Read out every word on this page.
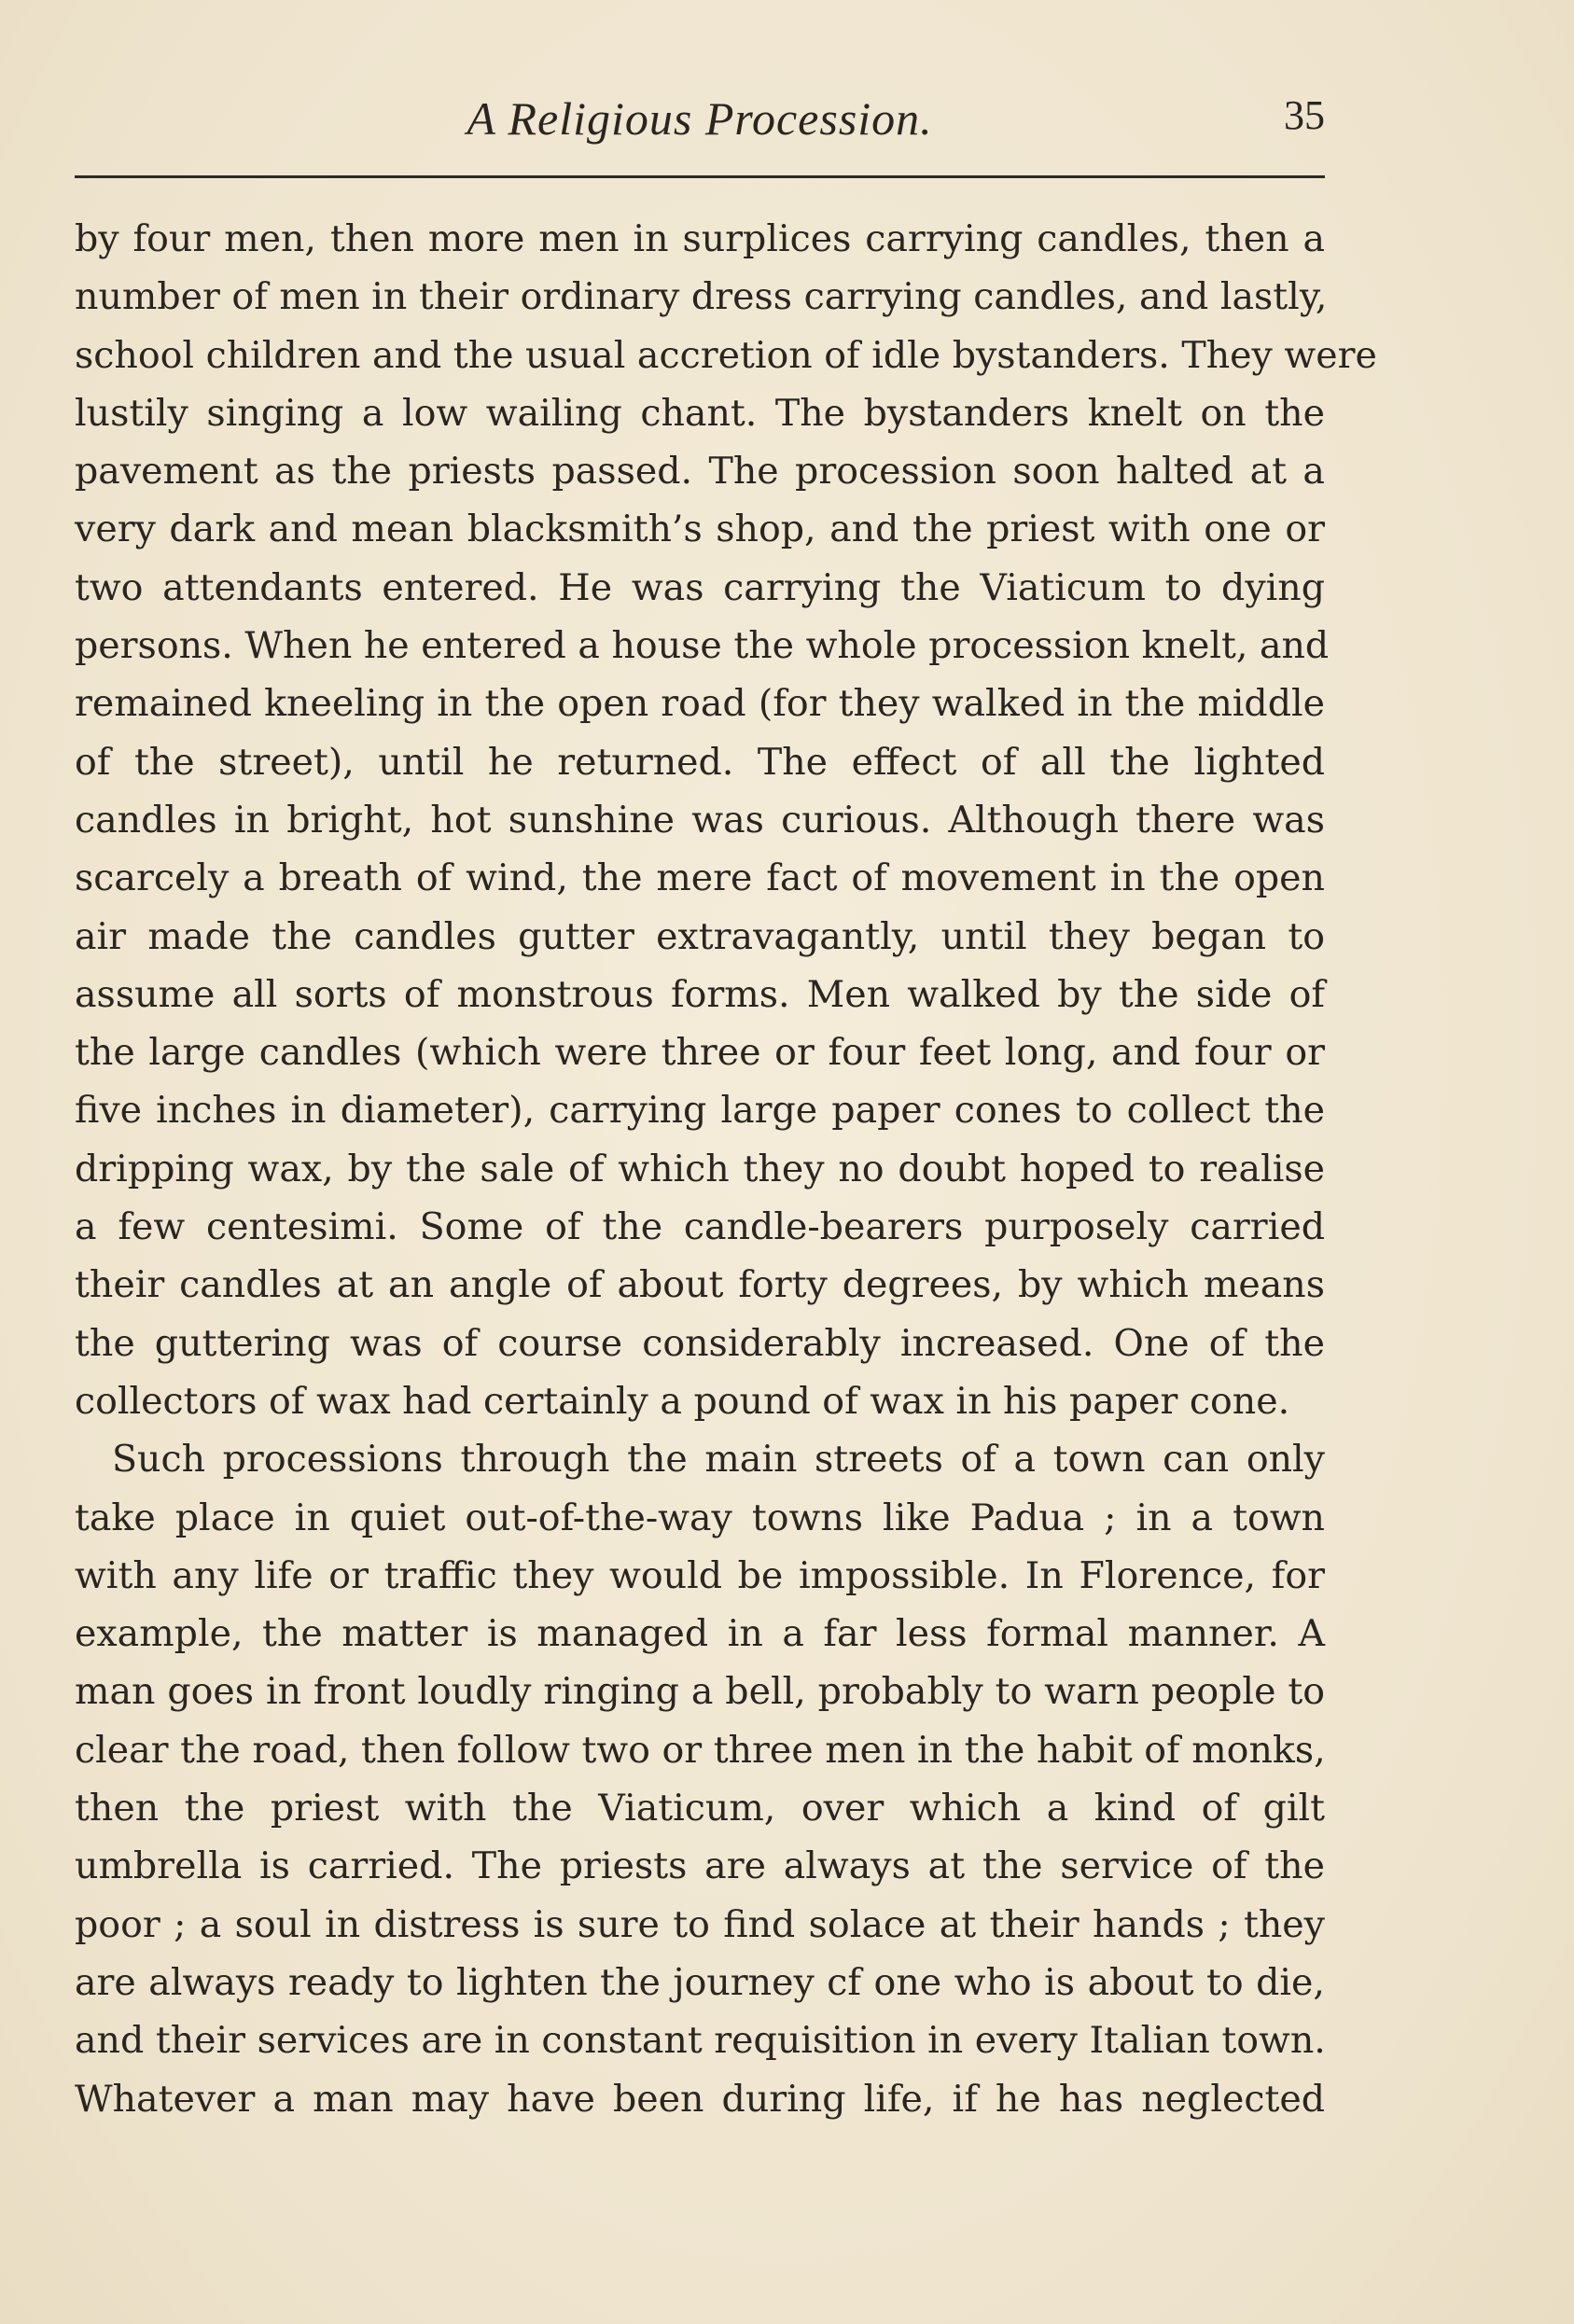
A Religious Procession.	35
by four men, then more men in surplices carrying candles, then a
number of men in their ordinary dress carrying candles, and lastly,
school children and the usual accretion of idle bystanders. They were
lustily singing a low wailing chant. The bystanders knelt on the
pavement as the priests passed. The procession soon halted at a
very dark and mean blacksmith’s shop, and the priest with one or
two attendants entered. He was carrying the Viaticum to dying
persons. When he entered a house the whole procession knelt, and
remained kneeling in the open road (for they walked in the middle
of the street), until he returned. The effect of all the lighted
candles in bright, hot sunshine was curious. Although there was
scarcely a breath of wind, the mere fact of movement in the open
air made the candles gutter extravagantly, until they began to
assume all sorts of monstrous forms. Men walked by the side of
the large candles (which were three or four feet long, and four or
five inches in diameter), carrying large paper cones to collect the
dripping wax, by the sale of which they no doubt hoped to realise
a few centesimi. Some of the candle-bearers purposely carried
their candles at an angle of about forty degrees, by which means
the guttering was of course considerably increased. One of the
collectors of wax had certainly a pound of wax in his paper cone.
Such processions through the main streets of a town can only
take place in quiet out-of-the-way towns like Padua ; in a town
with any life or traffic they would be impossible. In Florence, for
example, the matter is managed in a far less formal manner. A
man goes in front loudly ringing a bell, probably to warn people to
clear the road, then follow two or three men in the habit of monks,
then the priest with the Viaticum, over which a kind of gilt
umbrella is carried. The priests are always at the service of the
poor ; a soul in distress is sure to find solace at their hands ; they
are always ready to lighten the journey cf one who is about to die,
and their services are in constant requisition in every Italian town.
Whatever a man may have been during life, if he has neglected
